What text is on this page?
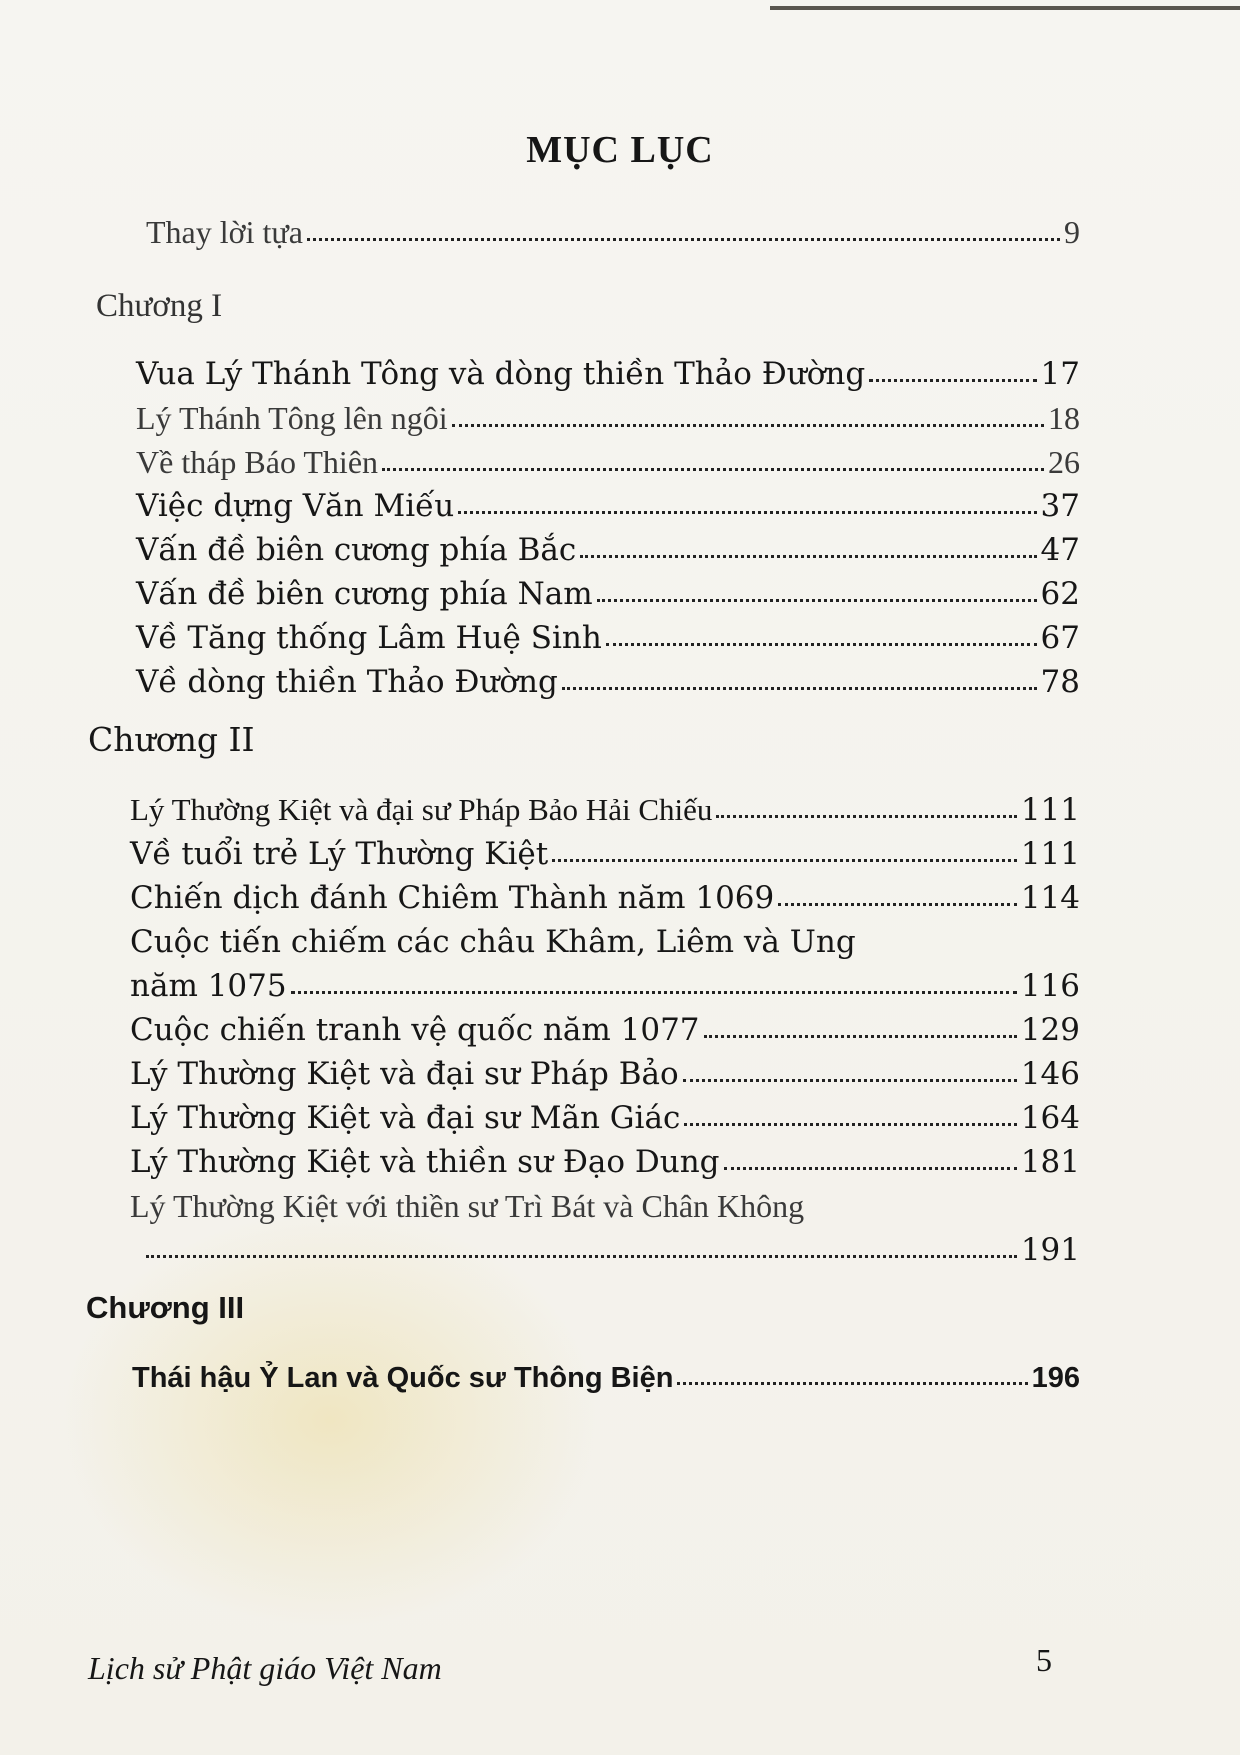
MỤC LỤC
Thay lời tựa	9
Chương I
Vua Lý Thánh Tông và dòng thiền Thảo Đường	17
Lý Thánh Tông lên ngôi	18
Về tháp Báo Thiên	26
Việc dựng Văn Miếu	37
Vấn đề biên cương phía Bắc	47
Vấn đề biên cương phía Nam	62
Về Tăng thống Lâm Huệ Sinh	67
Về dòng thiền Thảo Đường	78
Chương II
Lý Thường Kiệt và đại sư Pháp Bảo Hải Chiếu	111
Về tuổi trẻ Lý Thường Kiệt	111
Chiến dịch đánh Chiêm Thành năm 1069	114
Cuộc tiến chiếm các châu Khâm, Liêm và Ung
năm 1075	116
Cuộc chiến tranh vệ quốc năm 1077	129
Lý Thường Kiệt và đại sư Pháp Bảo	146
Lý Thường Kiệt và đại sư Mãn Giác	164
Lý Thường Kiệt và thiền sư Đạo Dung	181
Lý Thường Kiệt với thiền sư Trì Bát và Chân Không
191
Chương III
Thái hậu Ỷ Lan và Quốc sư Thông Biện	196
Lịch sử Phật giáo Việt Nam	5
